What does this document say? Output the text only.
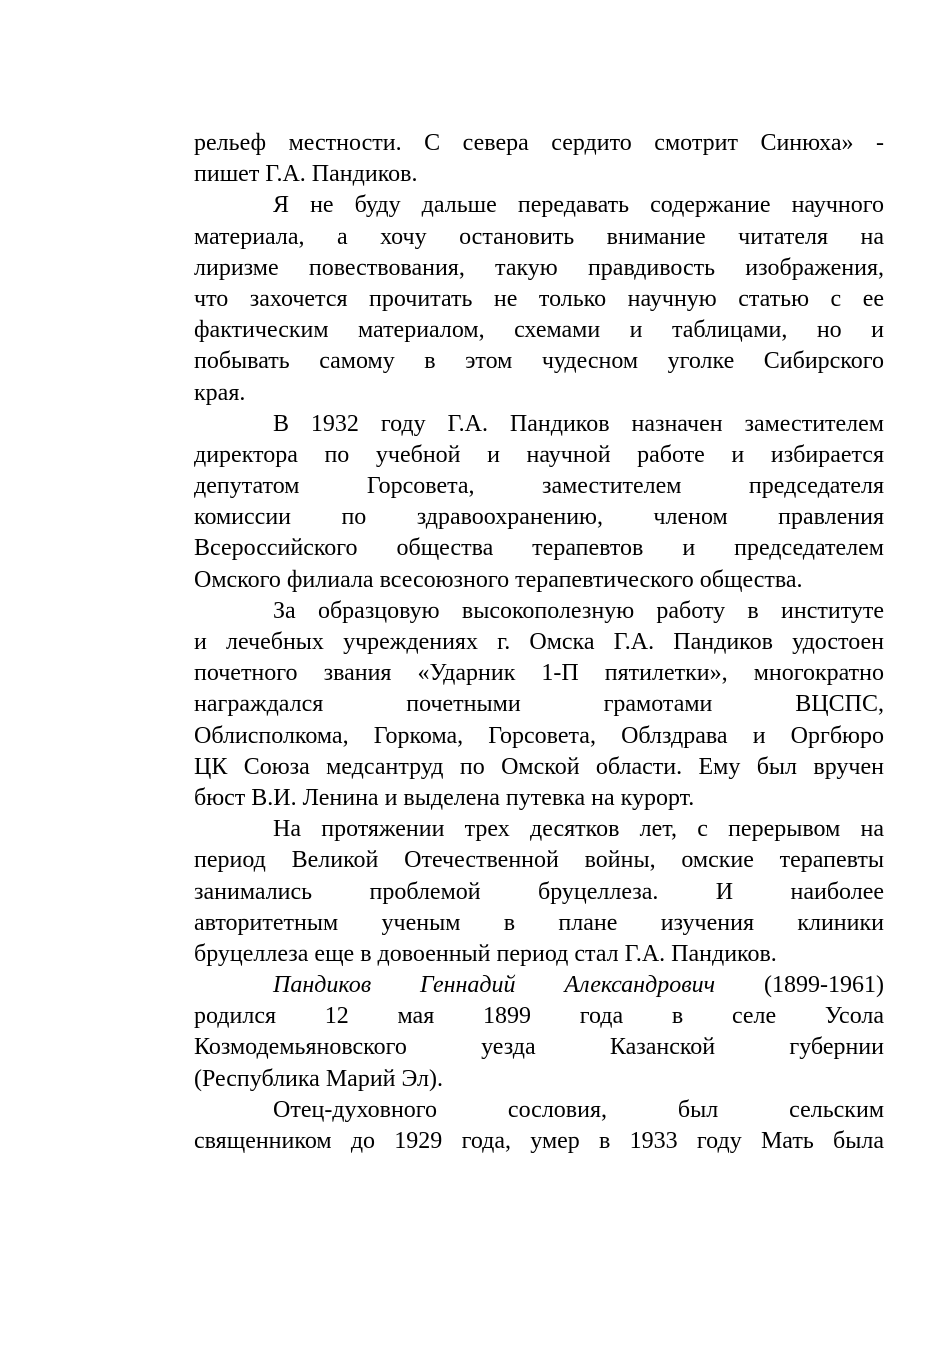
рельеф местности. С севера сердито смотрит Синюха» -
пишет Г.А. Пандиков.
Я не буду дальше передавать содержание научного
материала, а хочу остановить внимание читателя на
лиризме повествования, такую правдивость изображения,
что захочется прочитать не только научную статью с ее
фактическим материалом, схемами и таблицами, но и
побывать самому в этом чудесном уголке Сибирского
края.
В 1932 году Г.А. Пандиков назначен заместителем
директора по учебной и научной работе и избирается
депутатом Горсовета, заместителем председателя
комиссии по здравоохранению, членом правления
Всероссийского общества терапевтов и председателем
Омского филиала всесоюзного терапевтического общества.
За образцовую высокополезную работу в институте
и лечебных учреждениях г. Омска Г.А. Пандиков удостоен
почетного звания «Ударник 1-П пятилетки», многократно
награждался почетными грамотами ВЦСПС,
Облисполкома, Горкома, Горсовета, Облздрава и Оргбюро
ЦК Союза медсантруд по Омской области. Ему был вручен
бюст В.И. Ленина и выделена путевка на курорт.
На протяжении трех десятков лет, с перерывом на
период Великой Отечественной войны, омские терапевты
занимались проблемой бруцеллеза. И наиболее
авторитетным ученым в плане изучения клиники
бруцеллеза еще в довоенный период стал Г.А. Пандиков.
Пандиков Геннадий Александрович (1899-1961)
родился 12 мая 1899 года в селе Усола
Козмодемьяновского уезда Казанской губернии
(Республика Марий Эл).
Отец-духовного сословия, был сельским
священником до 1929 года, умер в 1933 году Мать была
